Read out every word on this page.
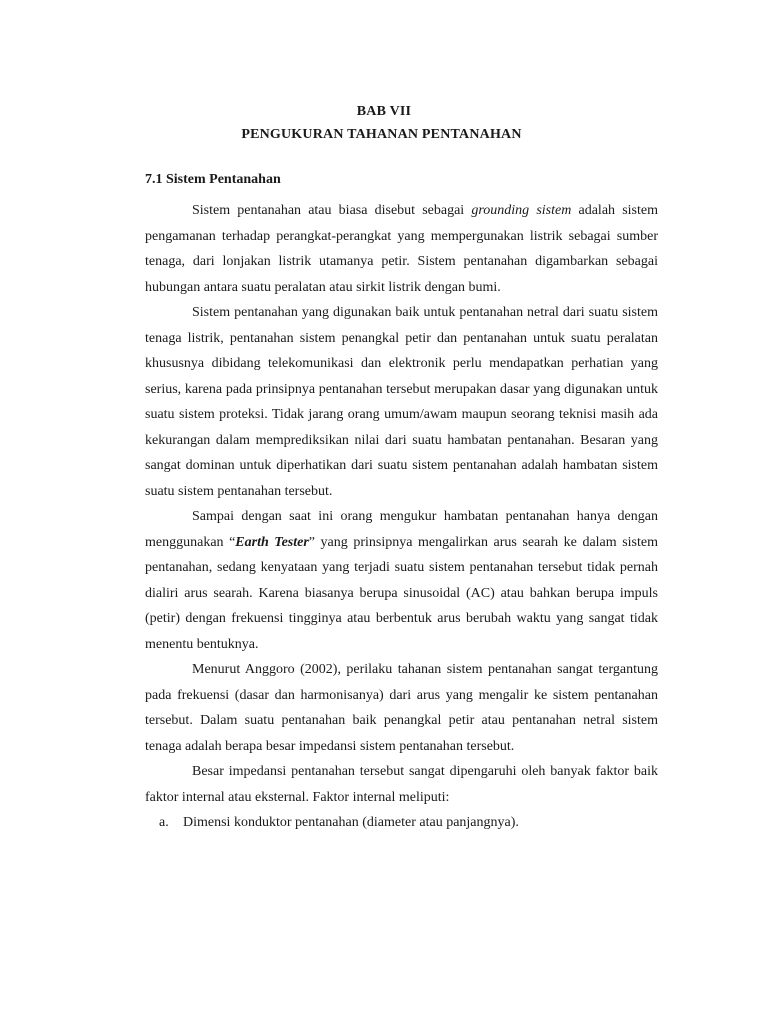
BAB VII
PENGUKURAN TAHANAN PENTANAHAN
7.1 Sistem Pentanahan

Sistem pentanahan atau biasa disebut sebagai grounding sistem adalah sistem pengamanan terhadap perangkat-perangkat yang mempergunakan listrik sebagai sumber tenaga, dari lonjakan listrik utamanya petir. Sistem pentanahan digambarkan sebagai hubungan antara suatu peralatan atau sirkit listrik dengan bumi.

Sistem pentanahan yang digunakan baik untuk pentanahan netral dari suatu sistem tenaga listrik, pentanahan sistem penangkal petir dan pentanahan untuk suatu peralatan khususnya dibidang telekomunikasi dan elektronik perlu mendapatkan perhatian yang serius, karena pada prinsipnya pentanahan tersebut merupakan dasar yang digunakan untuk suatu sistem proteksi. Tidak jarang orang umum/awam maupun seorang teknisi masih ada kekurangan dalam memprediksikan nilai dari suatu hambatan pentanahan. Besaran yang sangat dominan untuk diperhatikan dari suatu sistem pentanahan adalah hambatan sistem suatu sistem pentanahan tersebut.

Sampai dengan saat ini orang mengukur hambatan pentanahan hanya dengan menggunakan “Earth Tester” yang prinsipnya mengalirkan arus searah ke dalam sistem pentanahan, sedang kenyataan yang terjadi suatu sistem pentanahan tersebut tidak pernah dialiri arus searah. Karena biasanya berupa sinusoidal (AC) atau bahkan berupa impuls (petir) dengan frekuensi tingginya atau berbentuk arus berubah waktu yang sangat tidak menentu bentuknya.

Menurut Anggoro (2002), perilaku tahanan sistem pentanahan sangat tergantung pada frekuensi (dasar dan harmonisanya) dari arus yang mengalir ke sistem pentanahan tersebut. Dalam suatu pentanahan baik penangkal petir atau pentanahan netral sistem tenaga adalah berapa besar impedansi sistem pentanahan tersebut.

Besar impedansi pentanahan tersebut sangat dipengaruhi oleh banyak faktor baik faktor internal atau eksternal. Faktor internal meliputi:

a. Dimensi konduktor pentanahan (diameter atau panjangnya).
